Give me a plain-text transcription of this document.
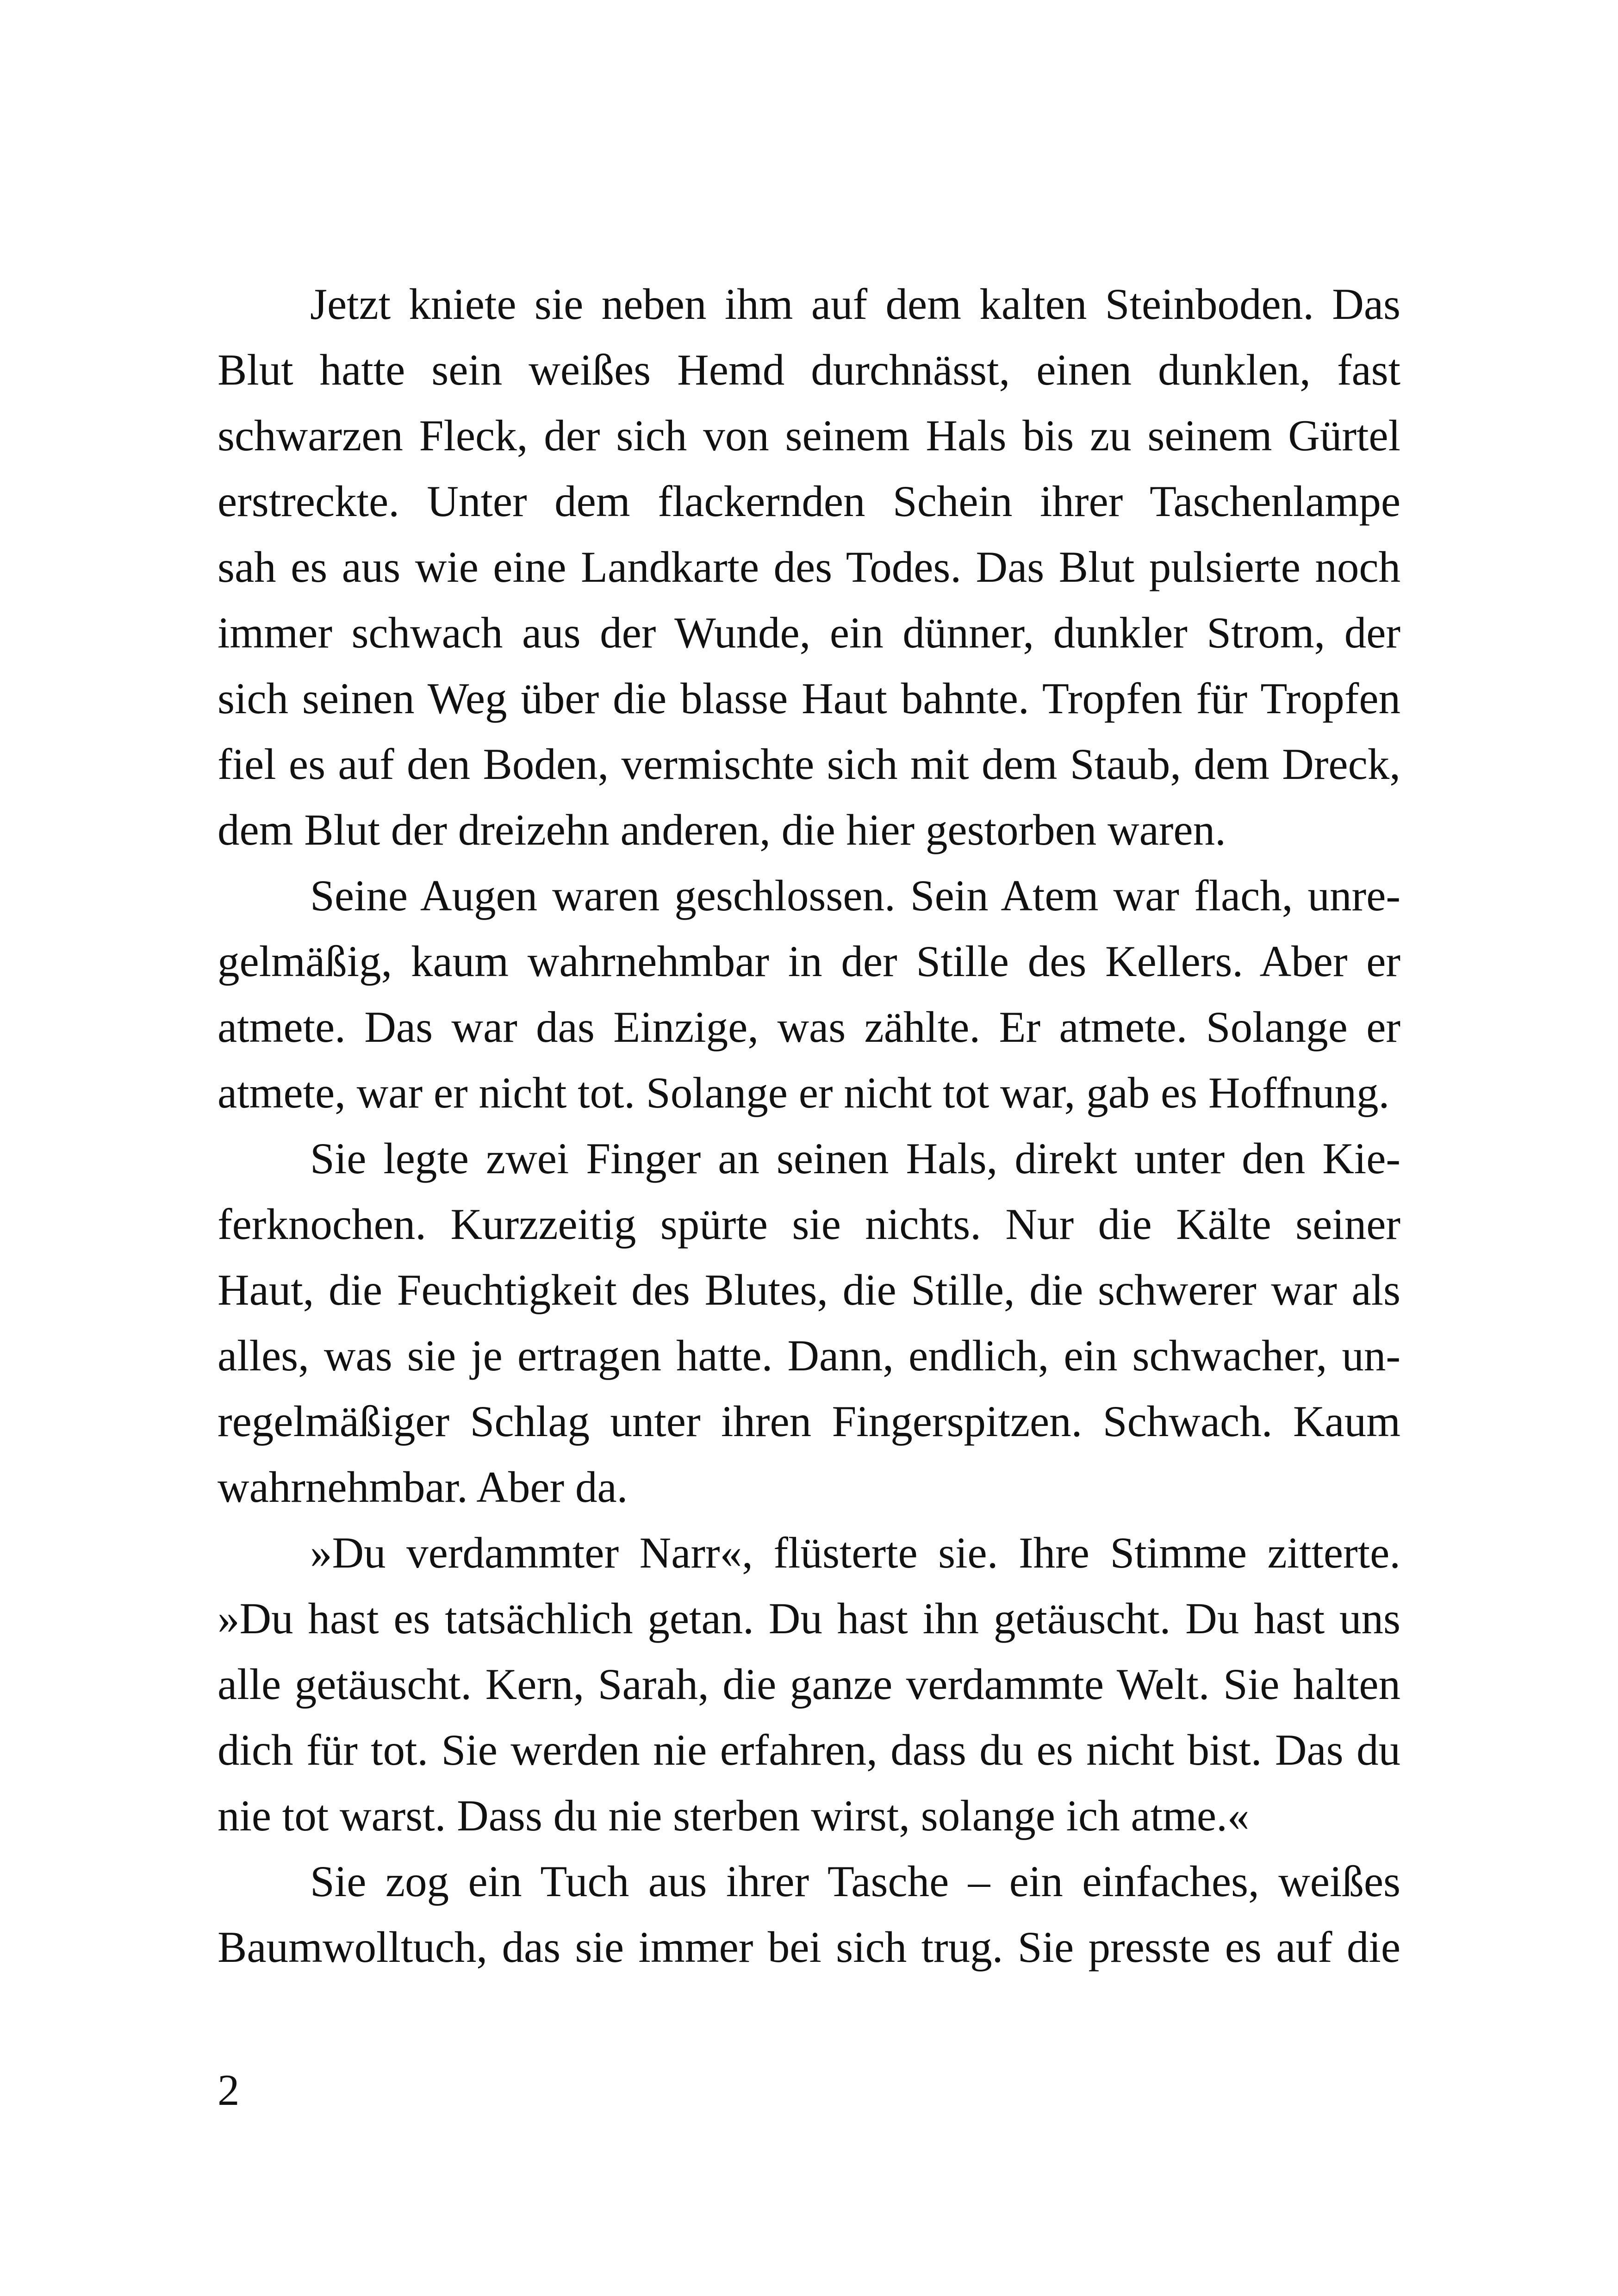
Jetzt kniete sie neben ihm auf dem kalten Steinboden. Das
Blut hatte sein weißes Hemd durchnässt, einen dunklen, fast
schwarzen Fleck, der sich von seinem Hals bis zu seinem Gürtel
erstreckte. Unter dem flackernden Schein ihrer Taschenlampe
sah es aus wie eine Landkarte des Todes. Das Blut pulsierte noch
immer schwach aus der Wunde, ein dünner, dunkler Strom, der
sich seinen Weg über die blasse Haut bahnte. Tropfen für Tropfen
fiel es auf den Boden, vermischte sich mit dem Staub, dem Dreck,
dem Blut der dreizehn anderen, die hier gestorben waren.
Seine Augen waren geschlossen. Sein Atem war flach, unre-
gelmäßig, kaum wahrnehmbar in der Stille des Kellers. Aber er
atmete. Das war das Einzige, was zählte. Er atmete. Solange er
atmete, war er nicht tot. Solange er nicht tot war, gab es Hoffnung.
Sie legte zwei Finger an seinen Hals, direkt unter den Kie-
ferknochen. Kurzzeitig spürte sie nichts. Nur die Kälte seiner
Haut, die Feuchtigkeit des Blutes, die Stille, die schwerer war als
alles, was sie je ertragen hatte. Dann, endlich, ein schwacher, un-
regelmäßiger Schlag unter ihren Fingerspitzen. Schwach. Kaum
wahrnehmbar. Aber da.
»Du verdammter Narr«, flüsterte sie. Ihre Stimme zitterte.
»Du hast es tatsächlich getan. Du hast ihn getäuscht. Du hast uns
alle getäuscht. Kern, Sarah, die ganze verdammte Welt. Sie halten
dich für tot. Sie werden nie erfahren, dass du es nicht bist. Das du
nie tot warst. Dass du nie sterben wirst, solange ich atme.«
Sie zog ein Tuch aus ihrer Tasche – ein einfaches, weißes
Baumwolltuch, das sie immer bei sich trug. Sie presste es auf die
2
